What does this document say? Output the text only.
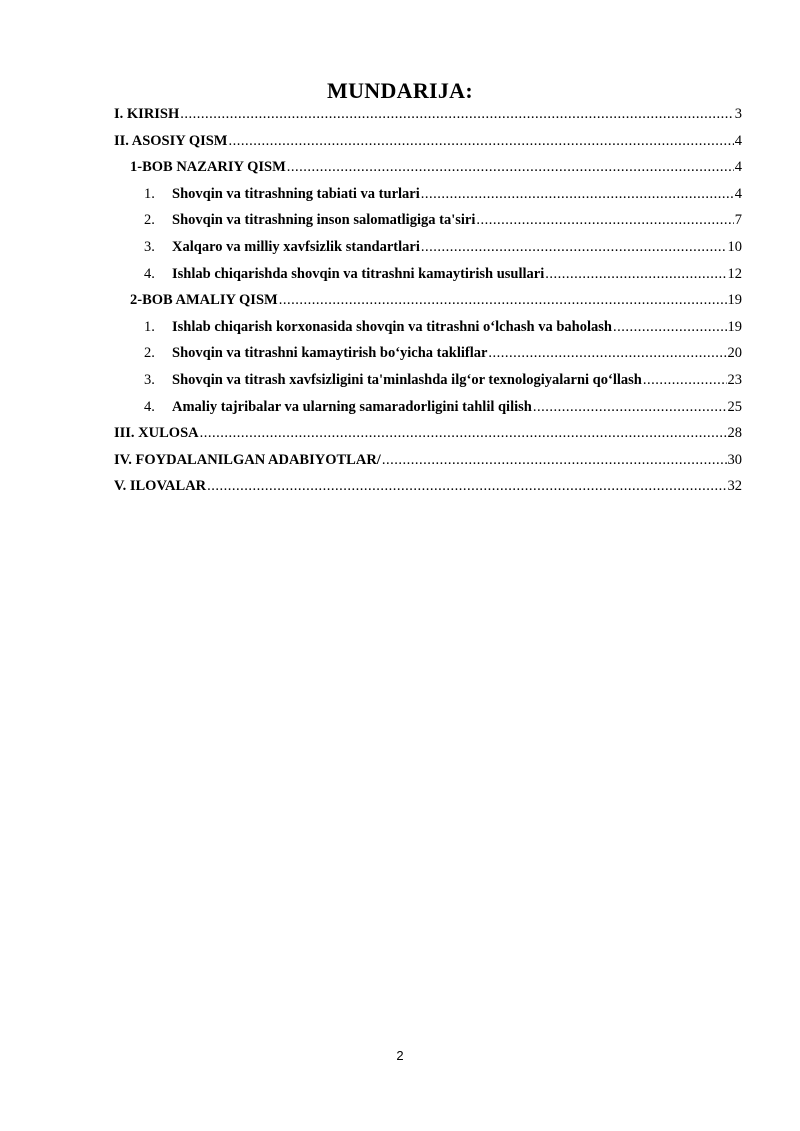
MUNDARIJA:
I. KIRISH .....	3
II. ASOSIY QISM .....	4
1-BOB NAZARIY QISM .....	4
1. Shovqin va titrashning tabiati va turlari .....	4
2. Shovqin va titrashning inson salomatligiga ta'siri .....	7
3. Xalqaro va milliy xavfsizlik standartlari .....	10
4. Ishlab chiqarishda shovqin va titrashni kamaytirish usullari .....	12
2-BOB AMALIY QISM .....	19
1. Ishlab chiqarish korxonasida shovqin va titrashni o‘lchash va baholash .....	19
2. Shovqin va titrashni kamaytirish bo‘yicha takliflar .....	20
3. Shovqin va titrash xavfsizligini ta'minlashda ilg‘or texnologiyalarni qo‘llash .....	23
4. Amaliy tajribalar va ularning samaradorligini tahlil qilish .....	25
III. XULOSA .....	28
IV. FOYDALANILGAN ADABIYOTLAR/ .....	30
V. ILOVALAR .....	32
2
